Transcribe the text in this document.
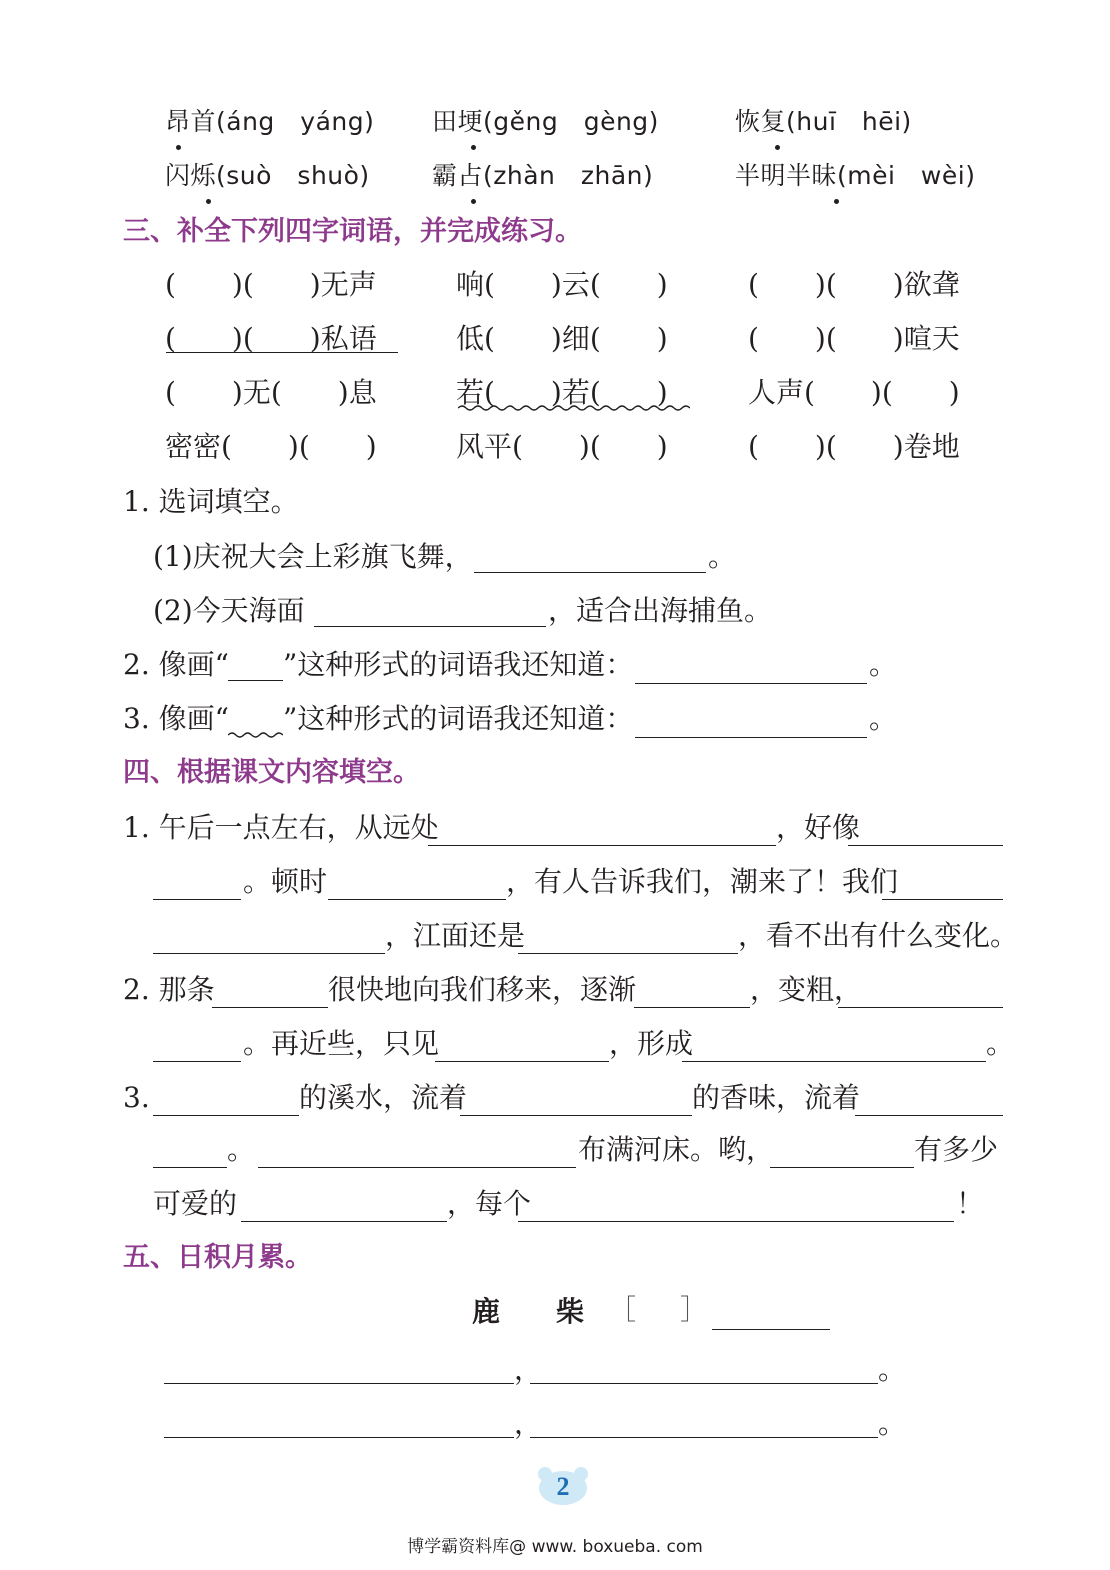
昂首(áng　yáng) 田埂(gěng　gèng)	恢复(huī　hēi)
闪烁(suò　shuò) 霸占(zhàn　zhān)	半明半昧(mèi　wèi)
三、补全下列四字词语，并完成练习。
(　　)(　　)无声	响(　　)云(　　)	(　　)(　　)欲聋
(　　)(　　)私语	低(　　)细(　　)	(　　)(　　)喧天
(　　)无(　　)息	若(　　)若(　　)	人声(　　)(　　)
密密(　　)(　　)	风平(　　)(　　)	(　　)(　　)卷地
1. 选词填空。
(1)庆祝大会上彩旗飞舞，	。
(2)今天海面	，适合出海捕鱼。
2. 像画“ ”这种形式的词语我还知道：	。
3. 像画“ ”这种形式的词语我还知道：	。
四、根据课文内容填空。
1. 午后一点左右，从远处	，好像
。顿时	，有人告诉我们，潮来了！我们
，江面还是	，看不出有什么变化。
2. 那条	很快地向我们移来，逐渐	，变粗，
。再近些，只见	，形成	。
3.	的溪水，流着	的香味，流着
。	布满河床。哟，	有多少
可爱的	，每个	！
五、日积月累。
鹿　　柴 ［ ］
，	。
，	。
2
博学霸资料库@ www. boxueba. com
